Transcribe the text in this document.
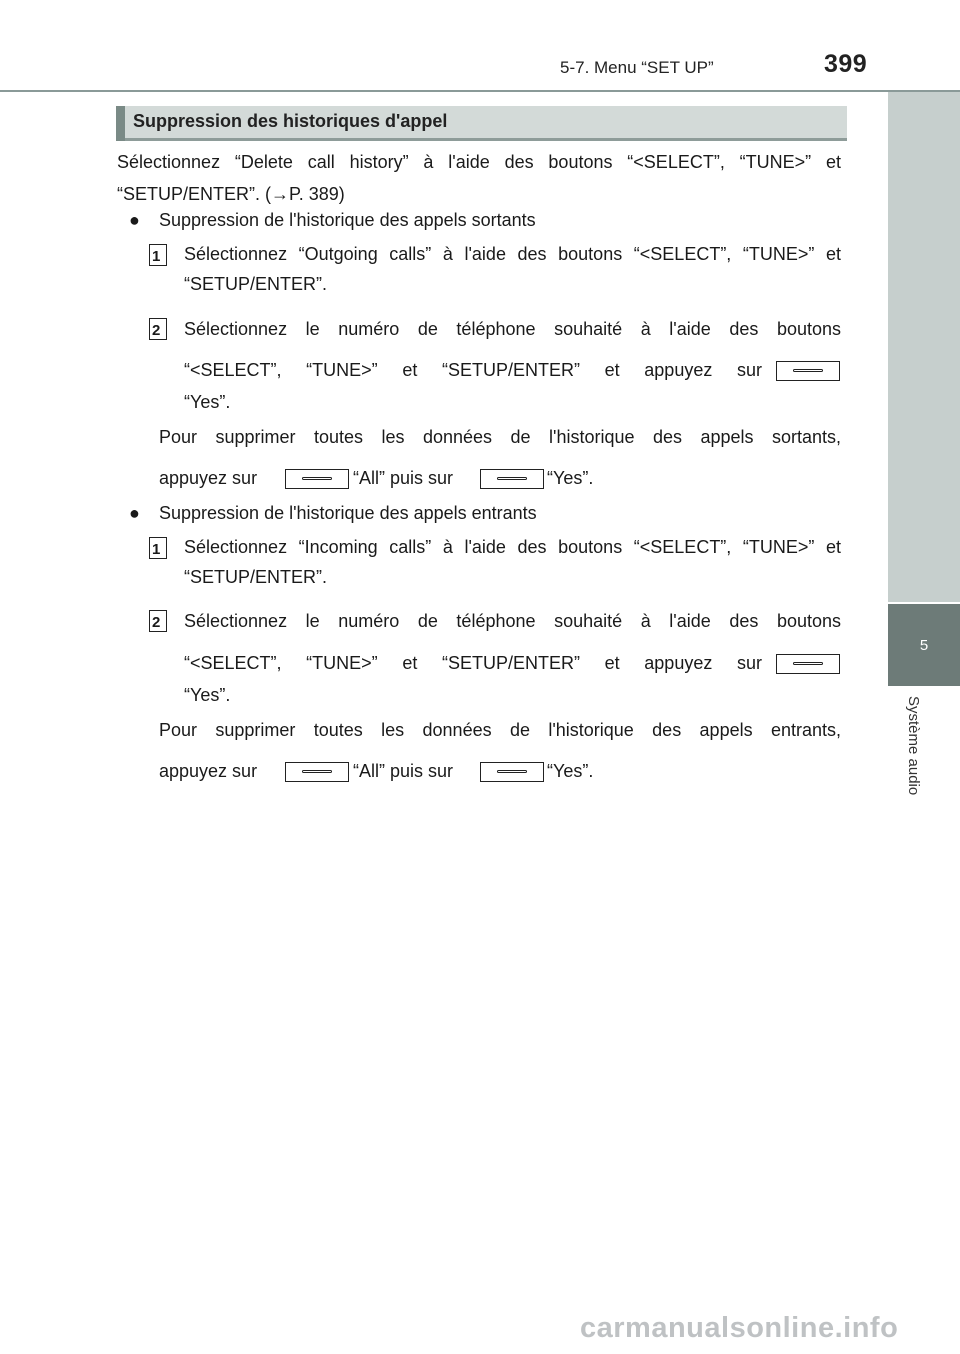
5-7. Menu “SET UP”	399
5
Système audio
Suppression des historiques d'appel
Sélectionnez “Delete call history” à l'aide des boutons “<SELECT”, “TUNE>” et “SETUP/ENTER”. (→P. 389)
● Suppression de l'historique des appels sortants
1	Sélectionnez “Outgoing calls” à l'aide des boutons “<SELECT”, “TUNE>” et “SETUP/ENTER”.
2	Sélectionnez le numéro de téléphone souhaité à l'aide des boutons
“<SELECT”, “TUNE>” et “SETUP/ENTER” et appuyez sur
“Yes”.
Pour supprimer toutes les données de l'historique des appels sortants,
appuyez sur	“All” puis sur	“Yes”.
● Suppression de l'historique des appels entrants
1	Sélectionnez “Incoming calls” à l'aide des boutons “<SELECT”, “TUNE>” et “SETUP/ENTER”.
2	Sélectionnez le numéro de téléphone souhaité à l'aide des boutons
“<SELECT”, “TUNE>” et “SETUP/ENTER” et appuyez sur
“Yes”.
Pour supprimer toutes les données de l'historique des appels entrants,
appuyez sur	“All” puis sur	“Yes”.
carmanualsonline.info
